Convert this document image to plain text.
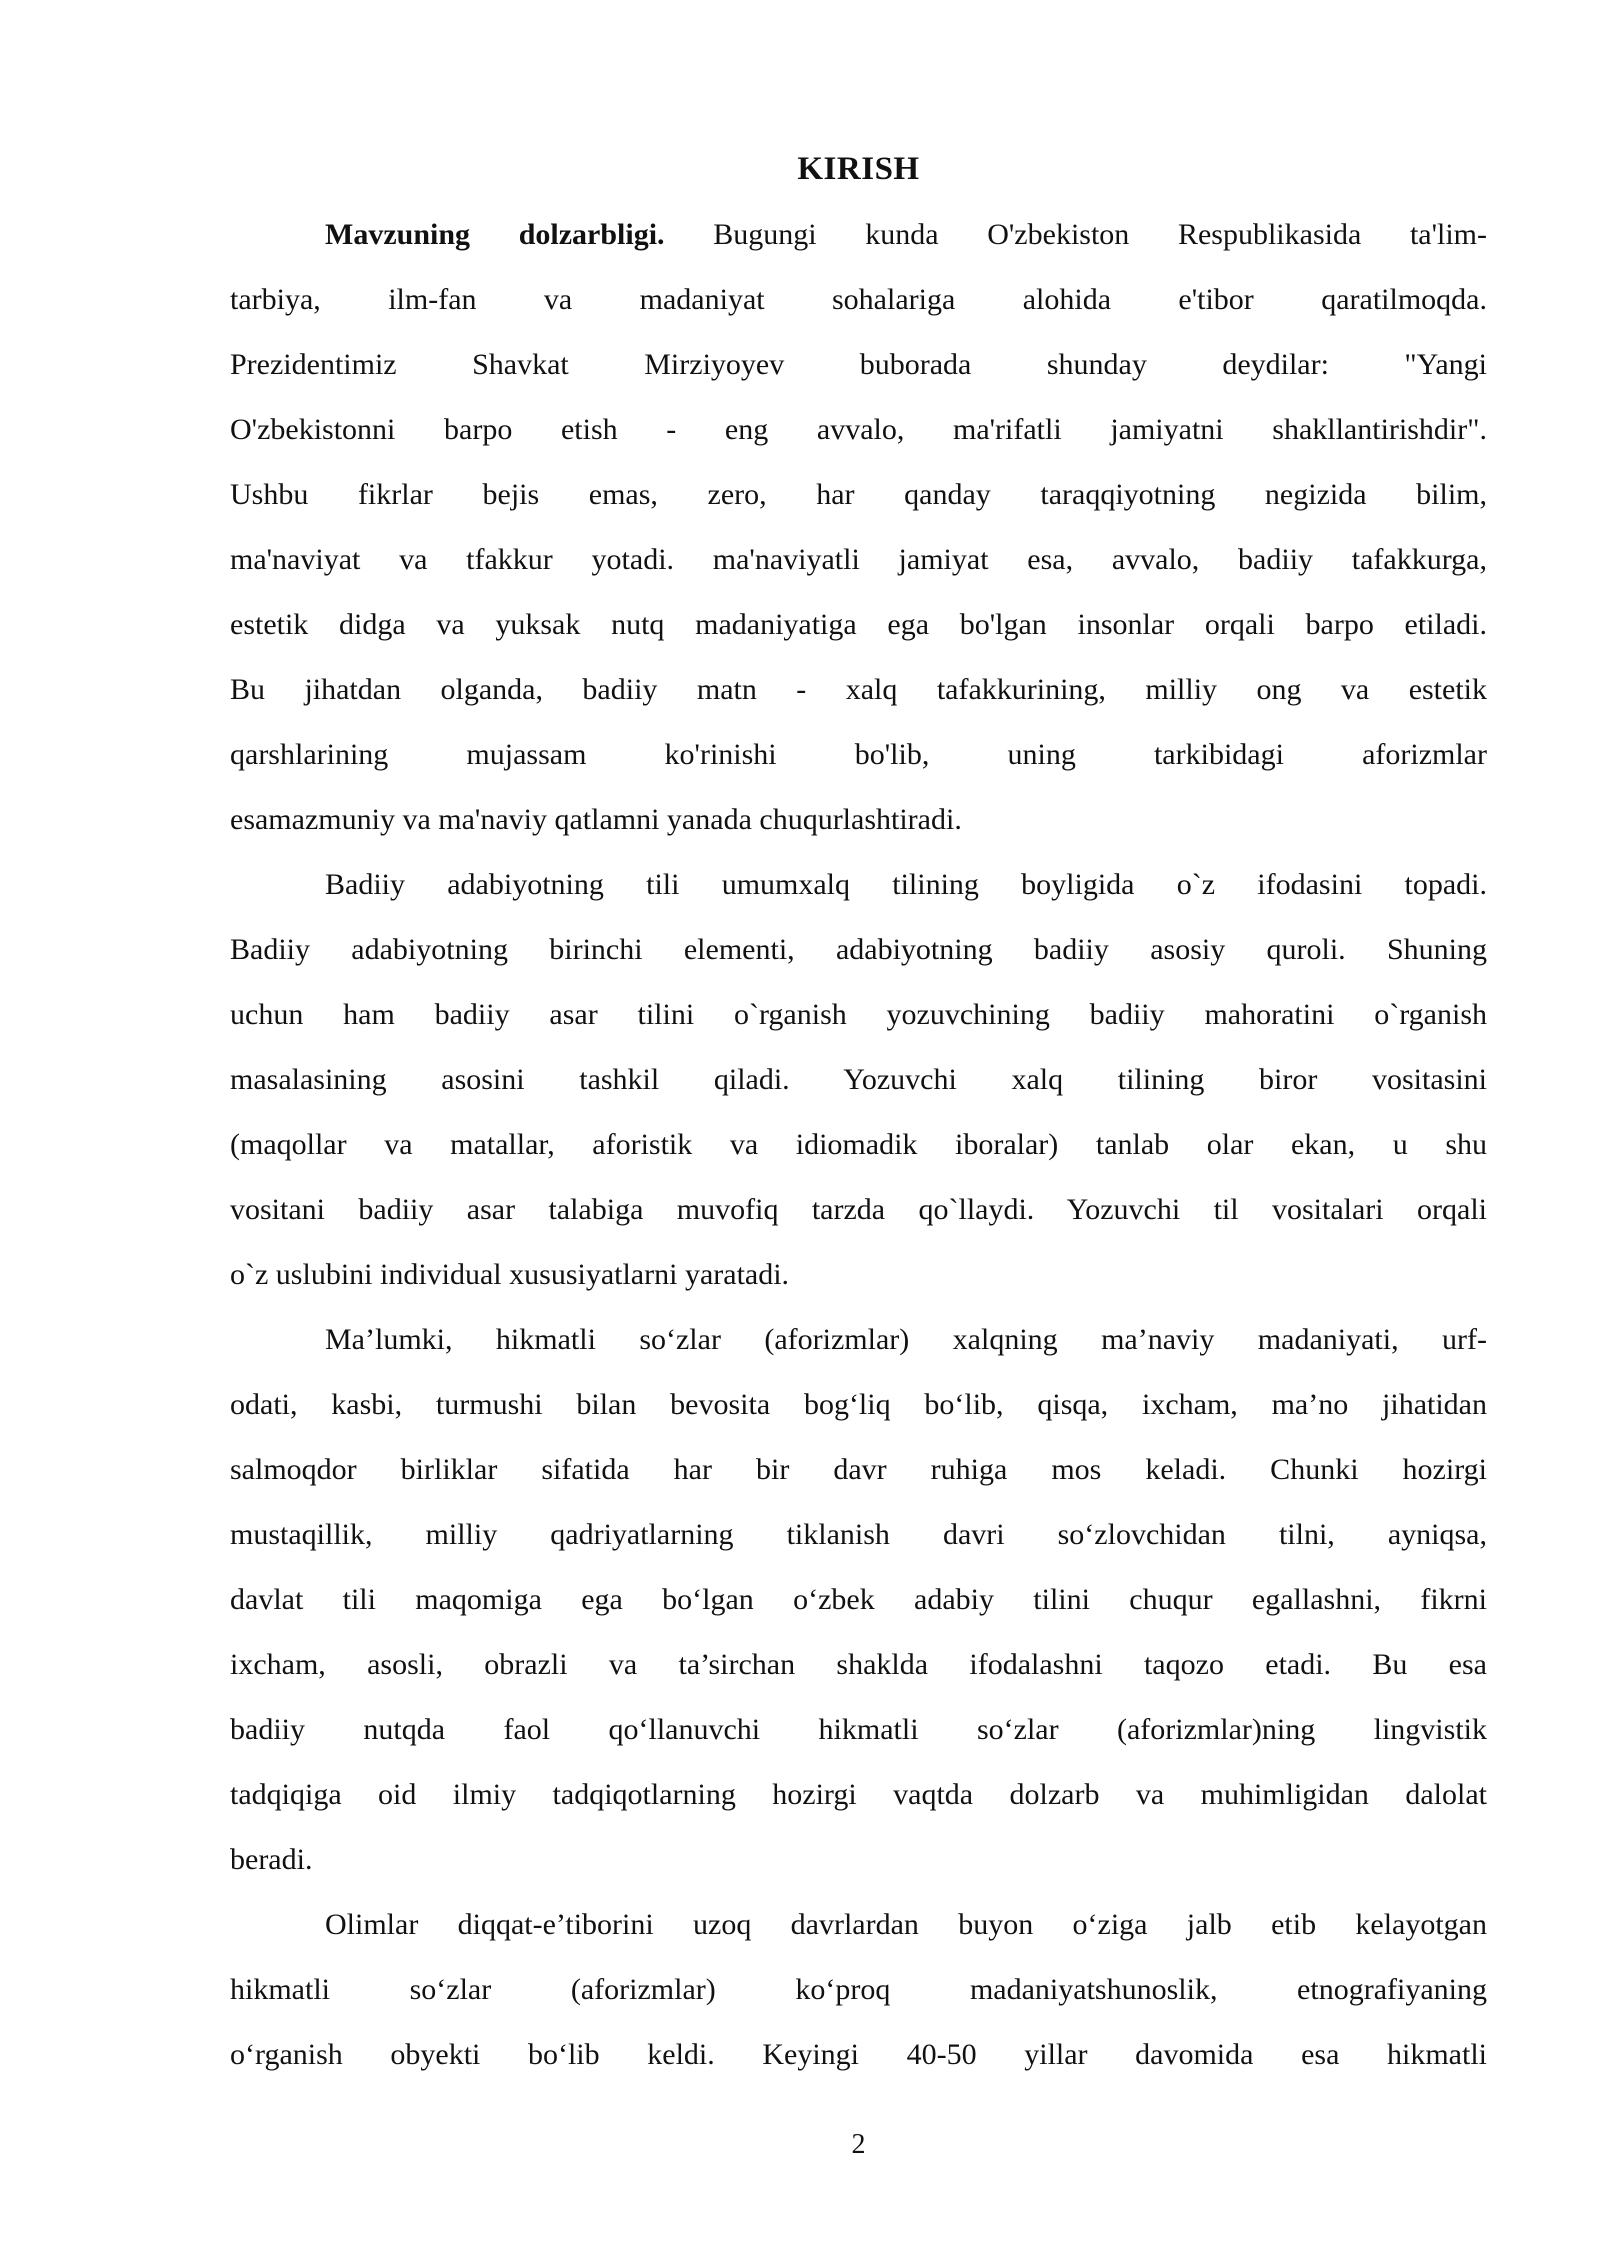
KIRISH
Mavzuning dolzarbligi. Bugungi kunda O'zbekiston Respublikasida ta'lim-
tarbiya, ilm-fan va madaniyat sohalariga alohida e'tibor qaratilmoqda.
Prezidentimiz Shavkat Mirziyoyev buborada shunday deydilar: "Yangi
O'zbekistonni barpo etish - eng avvalo, ma'rifatli jamiyatni shakllantirishdir".
Ushbu fikrlar bejis emas, zero, har qanday taraqqiyotning negizida bilim,
ma'naviyat va tfakkur yotadi. ma'naviyatli jamiyat esa, avvalo, badiiy tafakkurga,
estetik didga va yuksak nutq madaniyatiga ega bo'lgan insonlar orqali barpo etiladi.
Bu jihatdan olganda, badiiy matn - xalq tafakkurining, milliy ong va estetik
qarshlarining mujassam ko'rinishi bo'lib, uning tarkibidagi aforizmlar
esamazmuniy va ma'naviy qatlamni yanada chuqurlashtiradi.
Badiiy adabiyotning tili umumxalq tilining boyligida o`z ifodasini topadi.
Badiiy adabiyotning birinchi elementi, adabiyotning badiiy asosiy quroli. Shuning
uchun ham badiiy asar tilini o`rganish yozuvchining badiiy mahoratini o`rganish
masalasining asosini tashkil qiladi. Yozuvchi xalq tilining biror vositasini
(maqollar va matallar, aforistik va idiomadik iboralar) tanlab olar ekan, u shu
vositani badiiy asar talabiga muvofiq tarzda qo`llaydi. Yozuvchi til vositalari orqali
o`z uslubini individual xususiyatlarni yaratadi.
Ma’lumki, hikmatli so‘zlar (aforizmlar) xalqning ma’naviy madaniyati, urf-
odati, kasbi, turmushi bilan bevosita bog‘liq bo‘lib, qisqa, ixcham, ma’no jihatidan
salmoqdor birliklar sifatida har bir davr ruhiga mos keladi. Chunki hozirgi
mustaqillik, milliy qadriyatlarning tiklanish davri so‘zlovchidan tilni, ayniqsa,
davlat tili maqomiga ega bo‘lgan o‘zbek adabiy tilini chuqur egallashni, fikrni
ixcham, asosli, obrazli va ta’sirchan shaklda ifodalashni taqozo etadi. Bu esa
badiiy nutqda faol qo‘llanuvchi hikmatli so‘zlar (aforizmlar)ning lingvistik
tadqiqiga oid ilmiy tadqiqotlarning hozirgi vaqtda dolzarb va muhimligidan dalolat
beradi.
Olimlar diqqat-e’tiborini uzoq davrlardan buyon o‘ziga jalb etib kelayotgan
hikmatli so‘zlar (aforizmlar) ko‘proq madaniyatshunoslik, etnografiyaning
o‘rganish obyekti bo‘lib keldi. Keyingi 40-50 yillar davomida esa hikmatli
2
